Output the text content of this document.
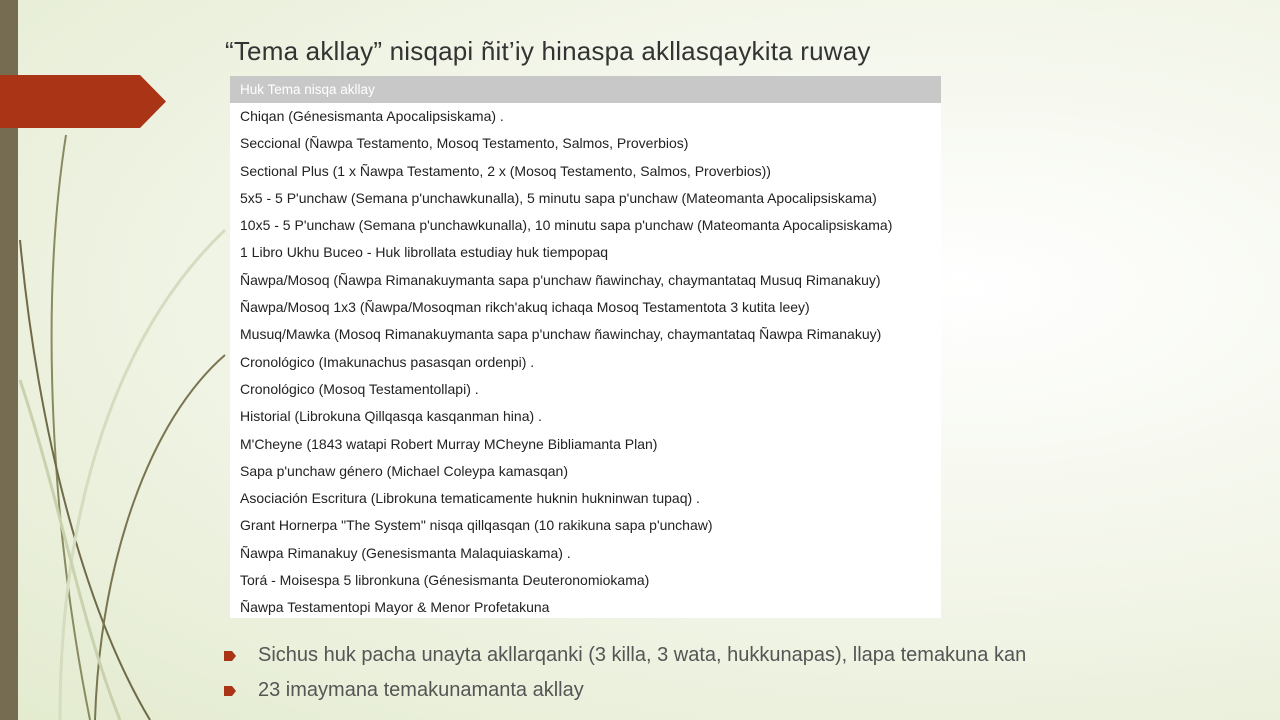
“Tema akllay” nisqapi ñit’iy hinaspa akllasqaykita ruway
Huk Tema nisqa akllay
Chiqan (Génesismanta Apocalipsiskama) .
Seccional (Ñawpa Testamento, Mosoq Testamento, Salmos, Proverbios)
Sectional Plus (1 x Ñawpa Testamento, 2 x (Mosoq Testamento, Salmos, Proverbios))
5x5 - 5 P'unchaw (Semana p'unchawkunalla), 5 minutu sapa p'unchaw (Mateomanta Apocalipsiskama)
10x5 - 5 P'unchaw (Semana p'unchawkunalla), 10 minutu sapa p'unchaw (Mateomanta Apocalipsiskama)
1 Libro Ukhu Buceo - Huk librollata estudiay huk tiempopaq
Ñawpa/Mosoq (Ñawpa Rimanakuymanta sapa p'unchaw ñawinchay, chaymantataq Musuq Rimanakuy)
Ñawpa/Mosoq 1x3 (Ñawpa/Mosoqman rikch'akuq ichaqa Mosoq Testamentota 3 kutita leey)
Musuq/Mawka (Mosoq Rimanakuymanta sapa p'unchaw ñawinchay, chaymantataq Ñawpa Rimanakuy)
Cronológico (Imakunachus pasasqan ordenpi) .
Cronológico (Mosoq Testamentollapi) .
Historial (Librokuna Qillqasqa kasqanman hina) .
M'Cheyne (1843 watapi Robert Murray MCheyne Bibliamanta Plan)
Sapa p'unchaw género (Michael Coleypa kamasqan)
Asociación Escritura (Librokuna tematicamente huknin hukninwan tupaq) .
Grant Hornerpa "The System" nisqa qillqasqan (10 rakikuna sapa p'unchaw)
Ñawpa Rimanakuy (Genesismanta Malaquiaskama) .
Torá - Moisespa 5 libronkuna (Génesismanta Deuteronomiokama)
Ñawpa Testamentopi Mayor & Menor Profetakuna
Sichus huk pacha unayta akllarqanki (3 killa, 3 wata, hukkunapas), llapa temakuna kan
23 imaymana temakunamanta akllay
